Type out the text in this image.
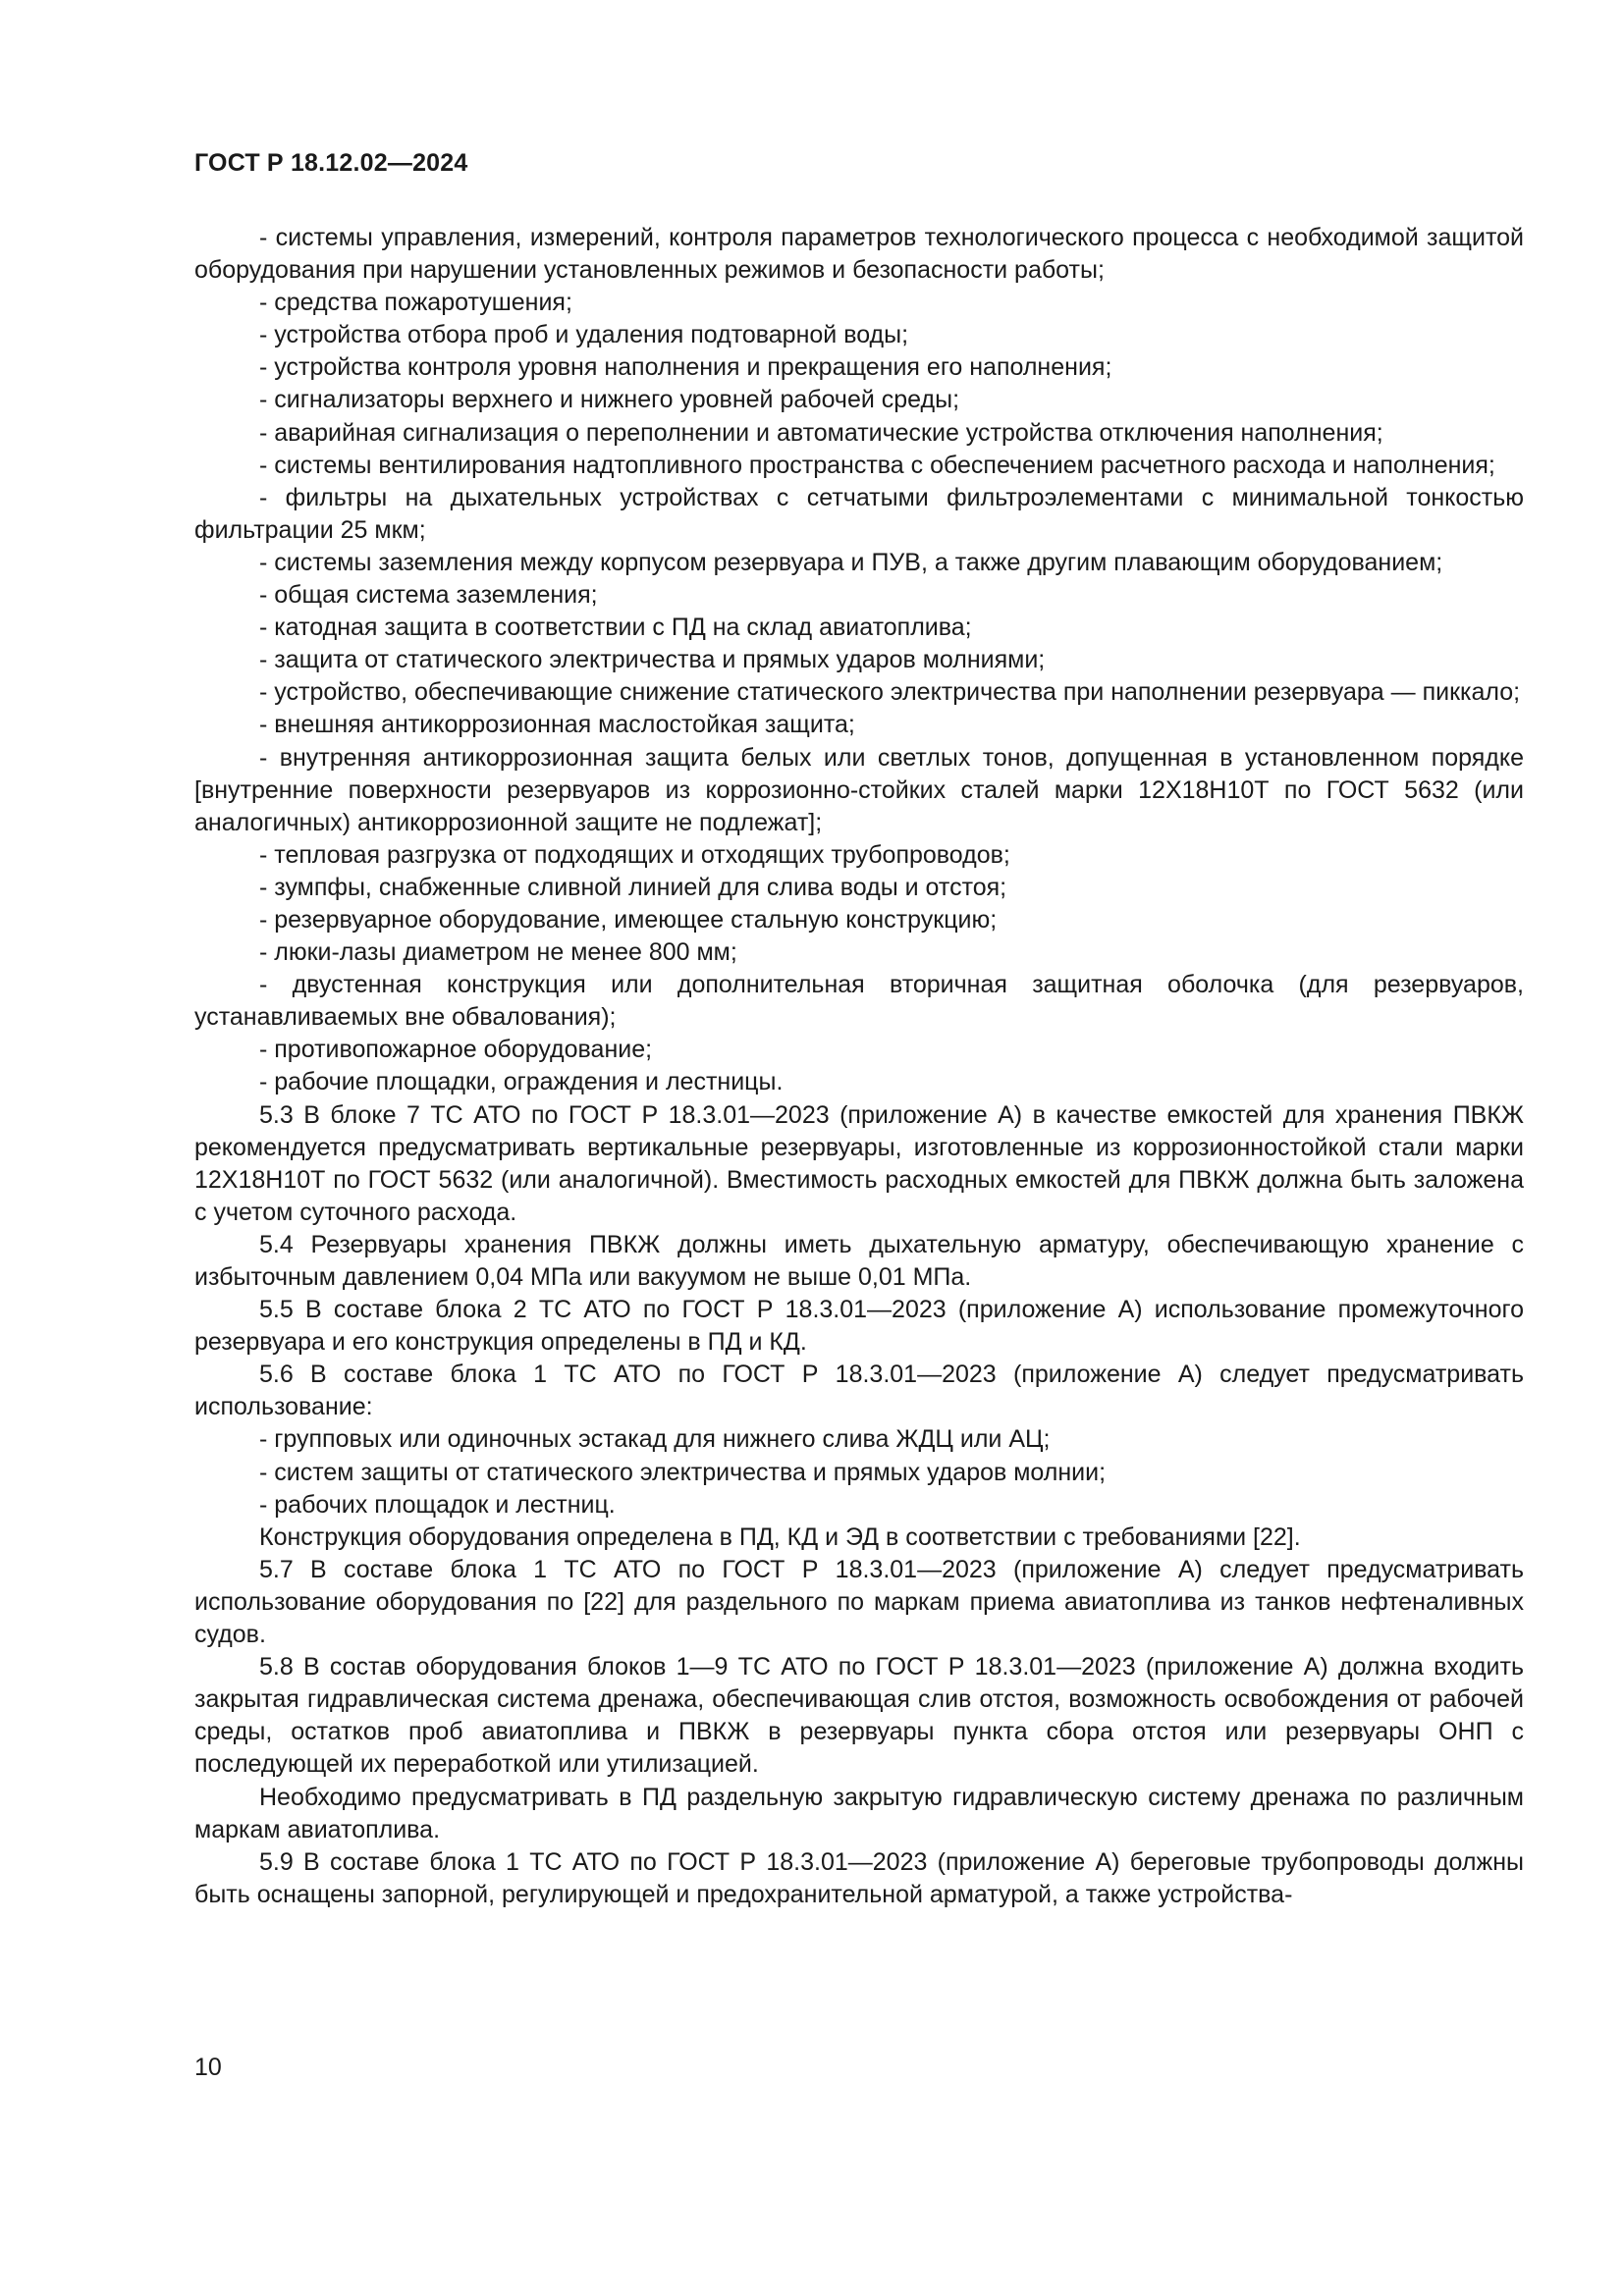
ГОСТ Р 18.12.02—2024

- системы управления, измерений, контроля параметров технологического процесса с необходимой защитой оборудования при нарушении установленных режимов и безопасности работы;

- средства пожаротушения;

- устройства отбора проб и удаления подтоварной воды;

- устройства контроля уровня наполнения и прекращения его наполнения;

- сигнализаторы верхнего и нижнего уровней рабочей среды;

- аварийная сигнализация о переполнении и автоматические устройства отключения наполнения;

- системы вентилирования надтопливного пространства с обеспечением расчетного расхода и наполнения;

- фильтры на дыхательных устройствах с сетчатыми фильтроэлементами с минимальной тонкостью фильтрации 25 мкм;

- системы заземления между корпусом резервуара и ПУВ, а также другим плавающим оборудованием;

- общая система заземления;

- катодная защита в соответствии с ПД на склад авиатоплива;

- защита от статического электричества и прямых ударов молниями;

- устройство, обеспечивающие снижение статического электричества при наполнении резервуара — пиккало;

- внешняя антикоррозионная маслостойкая защита;

- внутренняя антикоррозионная защита белых или светлых тонов, допущенная в установленном порядке [внутренние поверхности резервуаров из коррозионно-стойких сталей марки 12Х18Н10Т по ГОСТ 5632 (или аналогичных) антикоррозионной защите не подлежат];

- тепловая разгрузка от подходящих и отходящих трубопроводов;

- зумпфы, снабженные сливной линией для слива воды и отстоя;

- резервуарное оборудование, имеющее стальную конструкцию;

- люки-лазы диаметром не менее 800 мм;

- двустенная конструкция или дополнительная вторичная защитная оболочка (для резервуаров, устанавливаемых вне обвалования);

- противопожарное оборудование;

- рабочие площадки, ограждения и лестницы.

5.3 В блоке 7 ТС АТО по ГОСТ Р 18.3.01—2023 (приложение А) в качестве емкостей для хранения ПВКЖ рекомендуется предусматривать вертикальные резервуары, изготовленные из коррозионностойкой стали марки 12Х18Н10Т по ГОСТ 5632 (или аналогичной). Вместимость расходных емкостей для ПВКЖ должна быть заложена с учетом суточного расхода.

5.4 Резервуары хранения ПВКЖ должны иметь дыхательную арматуру, обеспечивающую хранение с избыточным давлением 0,04 МПа или вакуумом не выше 0,01 МПа.

5.5 В составе блока 2 ТС АТО по ГОСТ Р 18.3.01—2023 (приложение А) использование промежуточного резервуара и его конструкция определены в ПД и КД.

5.6 В составе блока 1 ТС АТО по ГОСТ Р 18.3.01—2023 (приложение А) следует предусматривать использование:

- групповых или одиночных эстакад для нижнего слива ЖДЦ или АЦ;

- систем защиты от статического электричества и прямых ударов молнии;

- рабочих площадок и лестниц.

Конструкция оборудования определена в ПД, КД и ЭД в соответствии с требованиями [22].

5.7 В составе блока 1 ТС АТО по ГОСТ Р 18.3.01—2023 (приложение А) следует предусматривать использование оборудования по [22] для раздельного по маркам приема авиатоплива из танков нефтеналивных судов.

5.8 В состав оборудования блоков 1—9 ТС АТО по ГОСТ Р 18.3.01—2023 (приложение А) должна входить закрытая гидравлическая система дренажа, обеспечивающая слив отстоя, возможность освобождения от рабочей среды, остатков проб авиатоплива и ПВКЖ в резервуары пункта сбора отстоя или резервуары ОНП с последующей их переработкой или утилизацией.

Необходимо предусматривать в ПД раздельную закрытую гидравлическую систему дренажа по различным маркам авиатоплива.

5.9 В составе блока 1 ТС АТО по ГОСТ Р 18.3.01—2023 (приложение А) береговые трубопроводы должны быть оснащены запорной, регулирующей и предохранительной арматурой, а также устройства-

10
